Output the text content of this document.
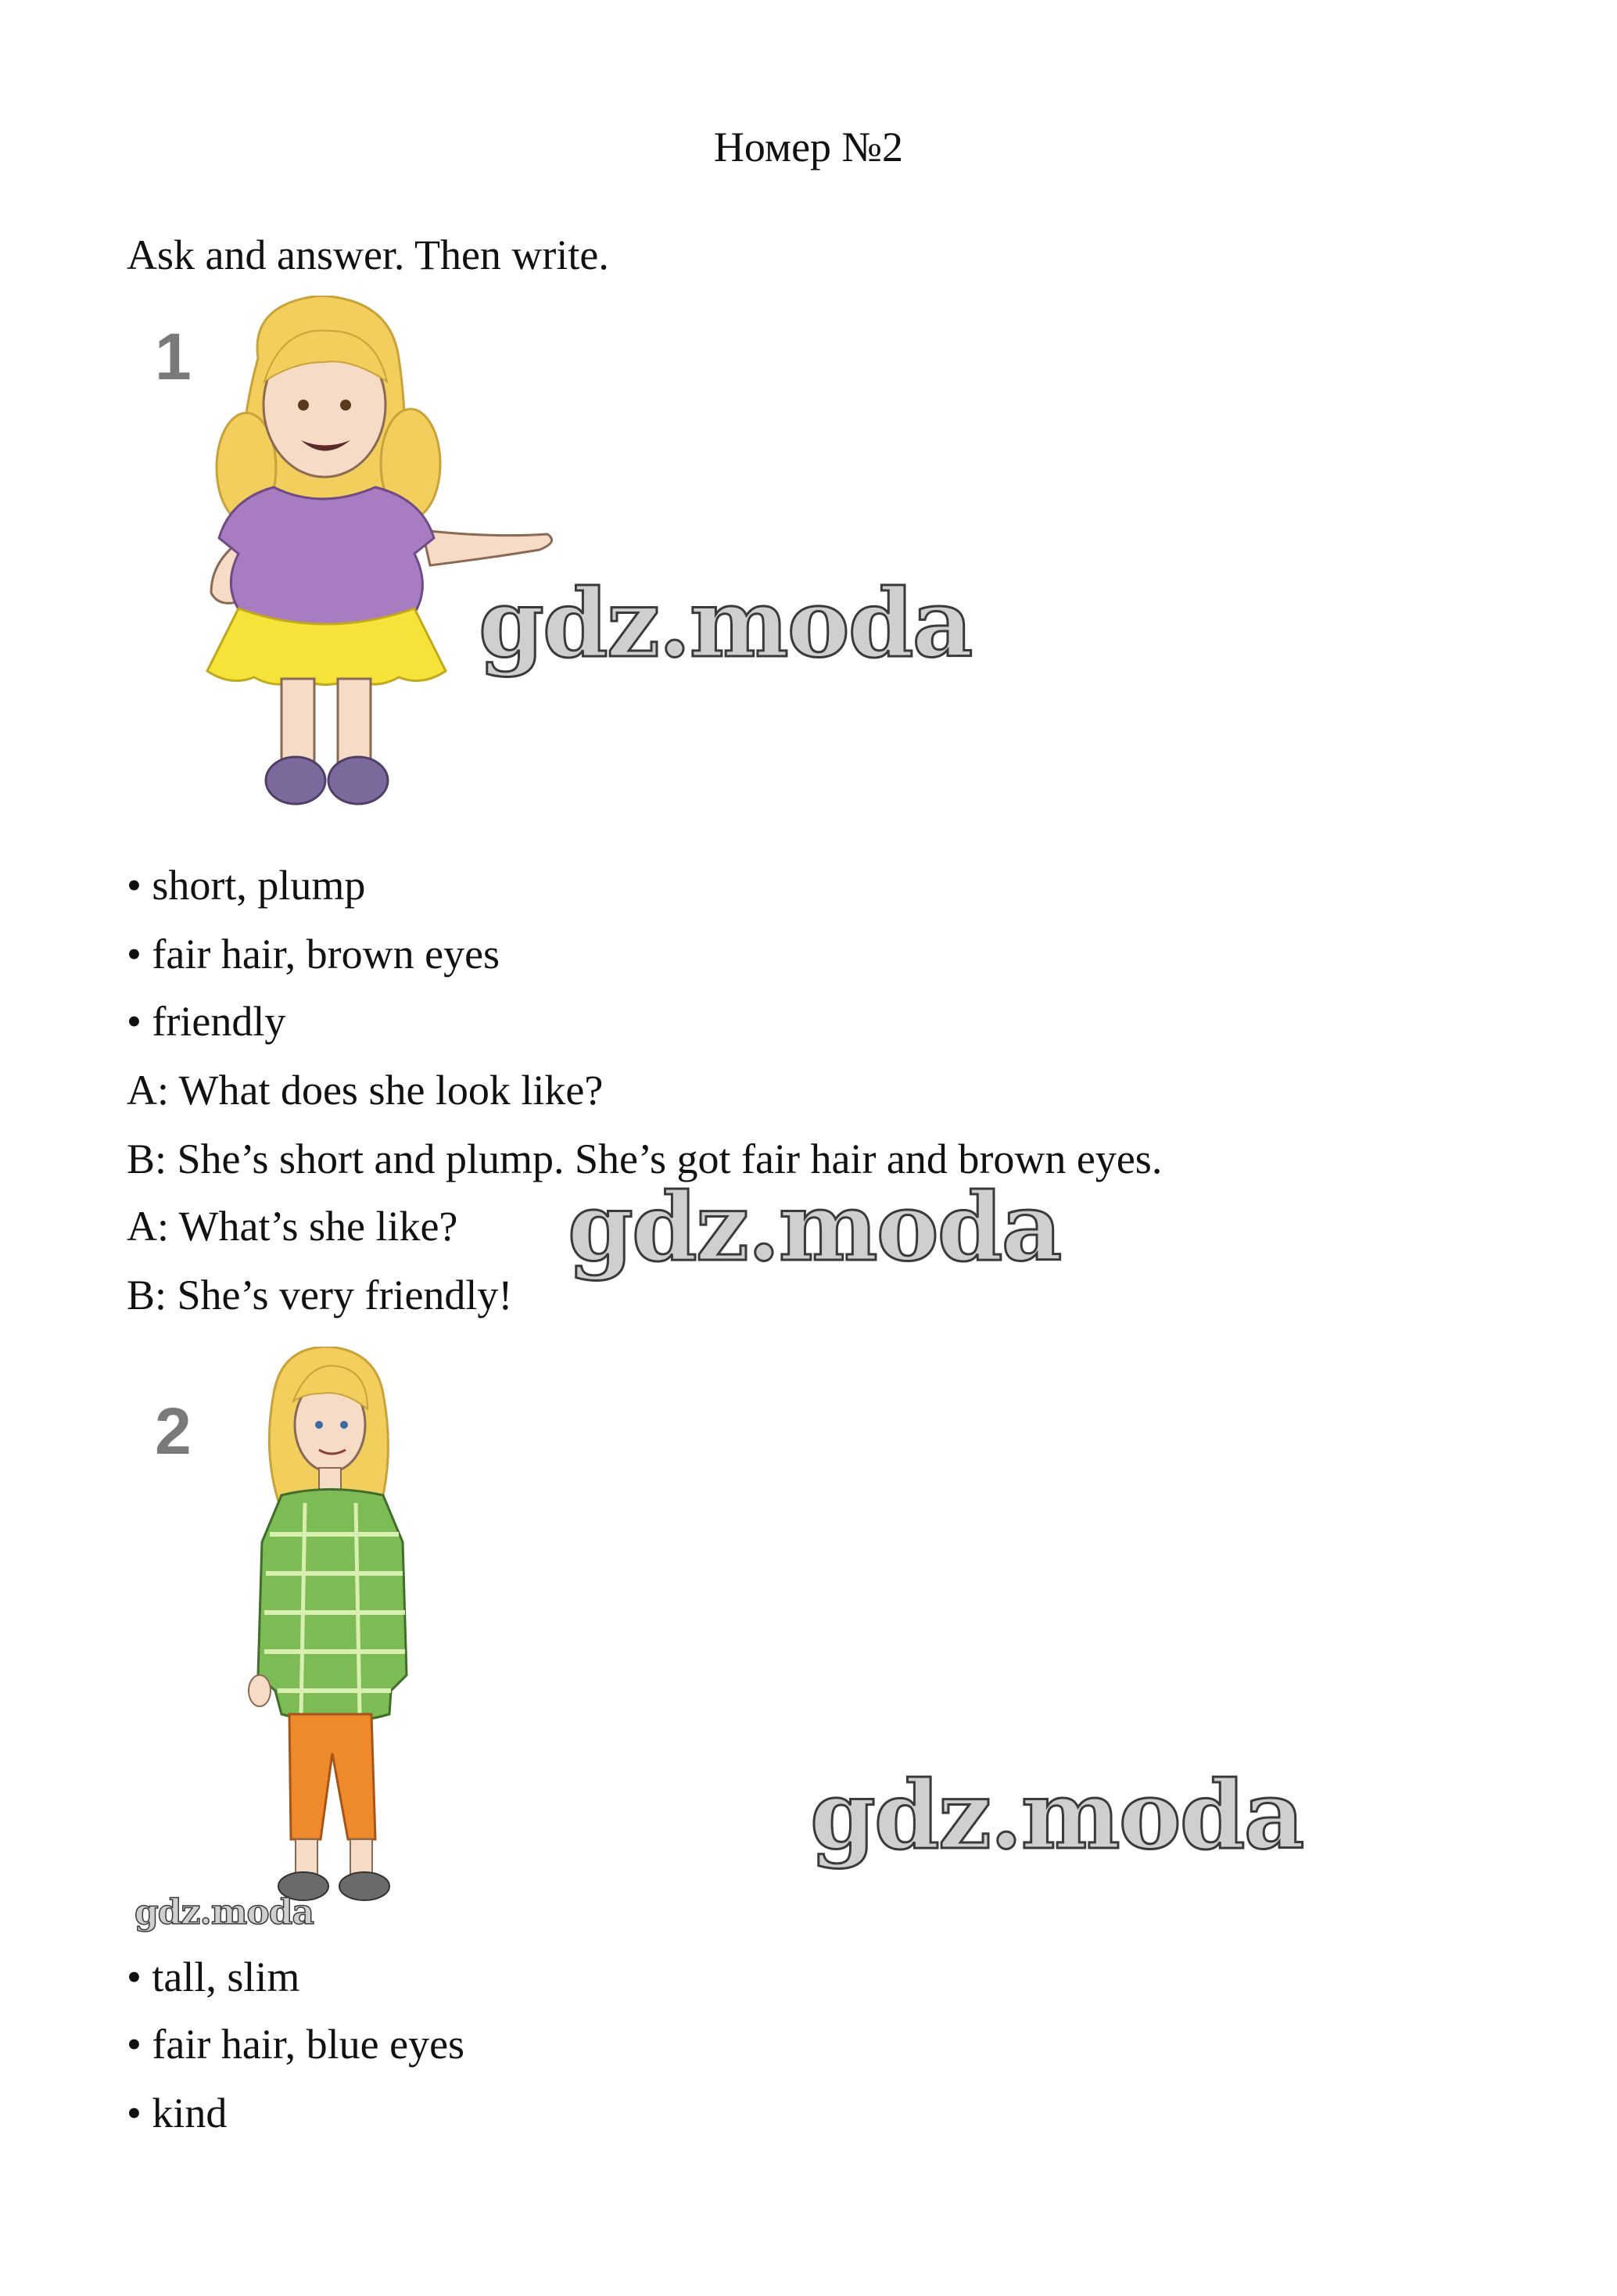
Номер №2
Ask and answer. Then write.
1
gdz.moda
• short, plump
• fair hair, brown eyes
• friendly
A: What does she look like?
B: She’s short and plump. She’s got fair hair and brown eyes.
A: What’s she like?
B: She’s very friendly!
gdz.moda
2
gdz.moda
gdz.moda
• tall, slim
• fair hair, blue eyes
• kind
